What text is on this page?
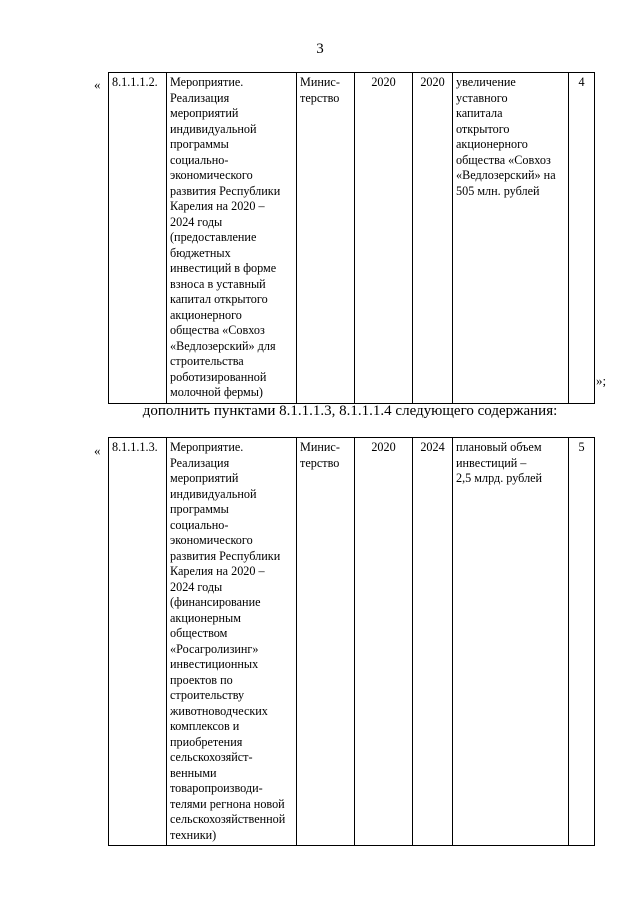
3
« 8.1.1.1.2.	Мероприятие.
Реализация
мероприятий
индивидуальной
программы
социально-
экономического
развития Республики
Карелия на 2020 –
2024 годы
(предоставление
бюджетных
инвестиций в форме
взноса в уставный
капитал открытого
акционерного
общества «Совхоз
«Ведлозерский» для
строительства
роботизированной
молочной фермы)	Минис-
терство	2020	2020	увеличение
уставного
капитала
открытого
акционерного
общества «Совхоз
«Ведлозерский» на
505 млн. рублей	4
»;
дополнить пунктами 8.1.1.1.3, 8.1.1.1.4 следующего содержания:
« 8.1.1.1.3.	Мероприятие.
Реализация
мероприятий
индивидуальной
программы
социально-
экономического
развития Республики
Карелия на 2020 –
2024 годы
(финансирование
акционерным
обществом
«Росагролизинг»
инвестиционных
проектов по
строительству
животноводческих
комплексов и
приобретения
сельскохозяйст-
венными
товаропроизводи-
телями регнона новой
сельскохозяйственной
техники)	Минис-
терство	2020	2024	плановый объем
инвестиций –
2,5 млрд. рублей	5
